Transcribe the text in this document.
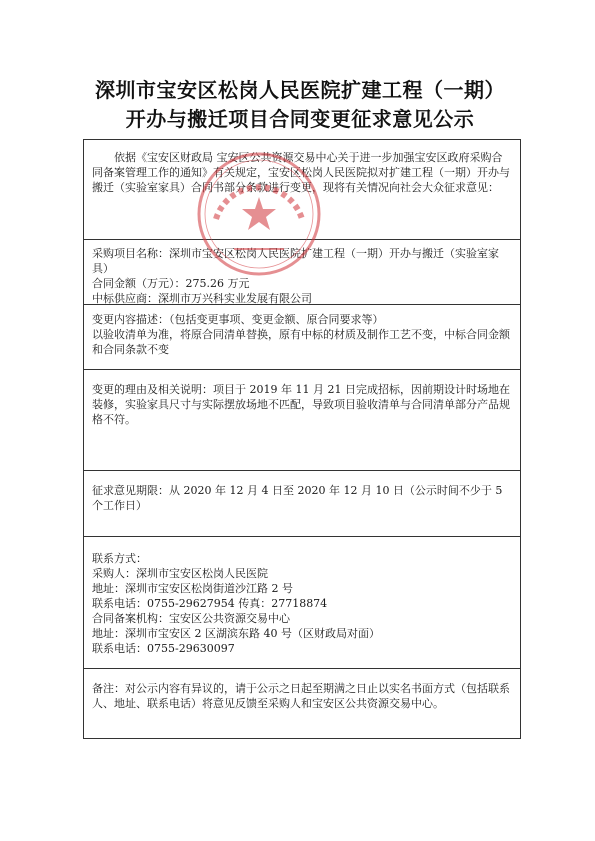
深圳市宝安区松岗人民医院扩建工程（一期）
开办与搬迁项目合同变更征求意见公示
依据《宝安区财政局 宝安区公共资源交易中心关于进一步加强宝安区政府采购合同备案管理工作的通知》有关规定，宝安区松岗人民医院拟对扩建工程（一期）开办与搬迁（实验室家具）合同书部分条款进行变更，现将有关情况向社会大众征求意见：
采购项目名称：深圳市宝安区松岗人民医院扩建工程（一期）开办与搬迁（实验室家具）
合同金额（万元）：275.26 万元
中标供应商：深圳市万兴科实业发展有限公司
变更内容描述：（包括变更事项、变更金额、原合同要求等）
以验收清单为准，将原合同清单替换，原有中标的材质及制作工艺不变，中标合同金额和合同条款不变
变更的理由及相关说明：项目于 2019 年 11 月 21 日完成招标，因前期设计时场地在装修，实验家具尺寸与实际摆放场地不匹配，导致项目验收清单与合同清单部分产品规格不符。
征求意见期限：从 2020 年 12 月 4 日至 2020 年 12 月 10 日（公示时间不少于 5 个工作日）
联系方式：
采购人：深圳市宝安区松岗人民医院
地址：深圳市宝安区松岗街道沙江路 2 号
联系电话：0755-29627954 传真：27718874
合同备案机构：宝安区公共资源交易中心
地址：深圳市宝安区 2 区湖滨东路 40 号（区财政局对面）
联系电话：0755-29630097
备注：对公示内容有异议的，请于公示之日起至期满之日止以实名书面方式（包括联系人、地址、联系电话）将意见反馈至采购人和宝安区公共资源交易中心。
